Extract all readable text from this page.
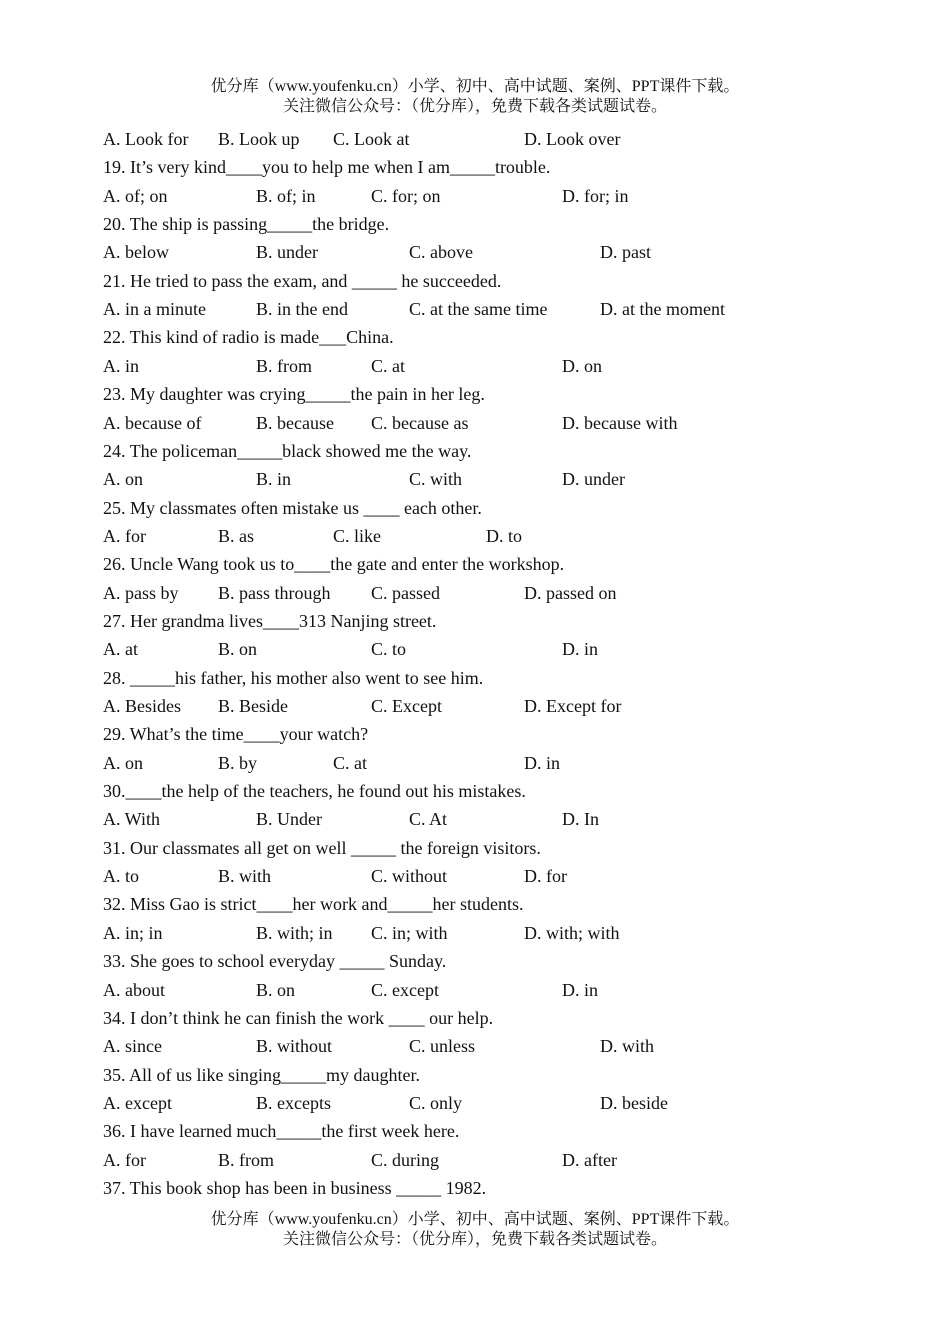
优分库（www.youfenku.cn）小学、初中、高中试题、案例、PPT课件下载。
关注微信公众号：（优分库），免费下载各类试题试卷。
A. Look for B. Look up C. Look at	D. Look over
19. It’s very kind____you to help me when I am_____trouble.
A. of; on	B. of; in	C. for; on	D. for; in
20. The ship is passing_____the bridge.
A. below	B. under	C. above	D. past
21. He tried to pass the exam, and _____ he succeeded.
A. in a minute	B. in the end	C. at the same time	D. at the moment
22. This kind of radio is made___China.
A. in	B. from	C. at	D. on
23. My daughter was crying_____the pain in her leg.
A. because of	B. because C. because as	D. because with
24. The policeman_____black showed me the way.
A. on	B. in	C. with	D. under
25. My classmates often mistake us ____ each other.
A. for	B. as	C. like	D. to
26. Uncle Wang took us to____the gate and enter the workshop.
A. pass by B. pass through C. passed	D. passed on
27. Her grandma lives____313 Nanjing street.
A. at	B. on	C. to	D. in
28. _____his father, his mother also went to see him.
A. Besides B. Beside	C. Except	D. Except for
29. What’s the time____your watch?
A. on	B. by	C. at	D. in
30.____the help of the teachers, he found out his mistakes.
A. With	B. Under	C. At	D. In
31. Our classmates all get on well _____ the foreign visitors.
A. to	B. with	C. without	D. for
32. Miss Gao is strict____her work and_____her students.
A. in; in	B. with; in C. in; with	D. with; with
33. She goes to school everyday _____ Sunday.
A. about	B. on	C. except	D. in
34. I don’t think he can finish the work ____ our help.
A. since	B. without	C. unless	D. with
35. All of us like singing_____my daughter.
A. except	B. excepts	C. only	D. beside
36. I have learned much_____the first week here.
A. for	B. from	C. during	D. after
37. This book shop has been in business _____ 1982.
优分库（www.youfenku.cn）小学、初中、高中试题、案例、PPT课件下载。
关注微信公众号：（优分库），免费下载各类试题试卷。
